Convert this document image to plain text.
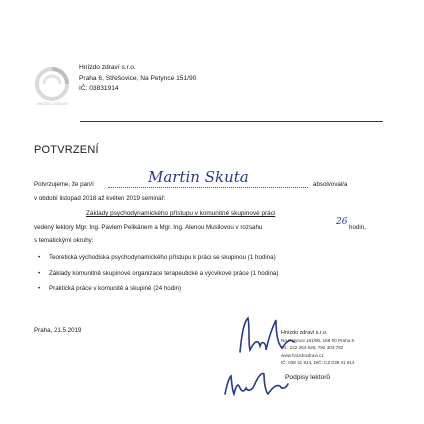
HNÍZDO ZDRAVÍ
Hnízdo zdraví s.r.o.
Praha 6, Střešovice, Na Petynce 151/90
IČ: 03831914
POTVRZENÍ
Potvrzujeme, že pan/í	Martin Skuta	absolvoval/a
v období listopad 2018 až květen 2019 seminář:
Základy psychodynamického přístupu v komunitně skupinové práci
vedený lektory Mgr. Ing. Pavlem Pelikánem a Mgr. Ing. Alenou Musilovou v rozsahu
26
hodin,
s tematickými okruhy:
• Teoretická východiska psychodynamického přístupu k práci se skupinou (1 hodina)
• Základy komunitně skupinové organizace terapeutické a výcvikové práce (1 hodina)
• Praktická práce v komunitě a skupině (24 hodin)
Praha, 21.5.2019	Hnízdo zdraví s.r.o.
Na Petynce 151/90, 169 00 Praha 6
tel.: 222 264 826, 792 303 752
www.hnizdozdravi.cz
IČ: 038 31 914, DIČ: CZ 038 31 914
Podpisy lektorů
